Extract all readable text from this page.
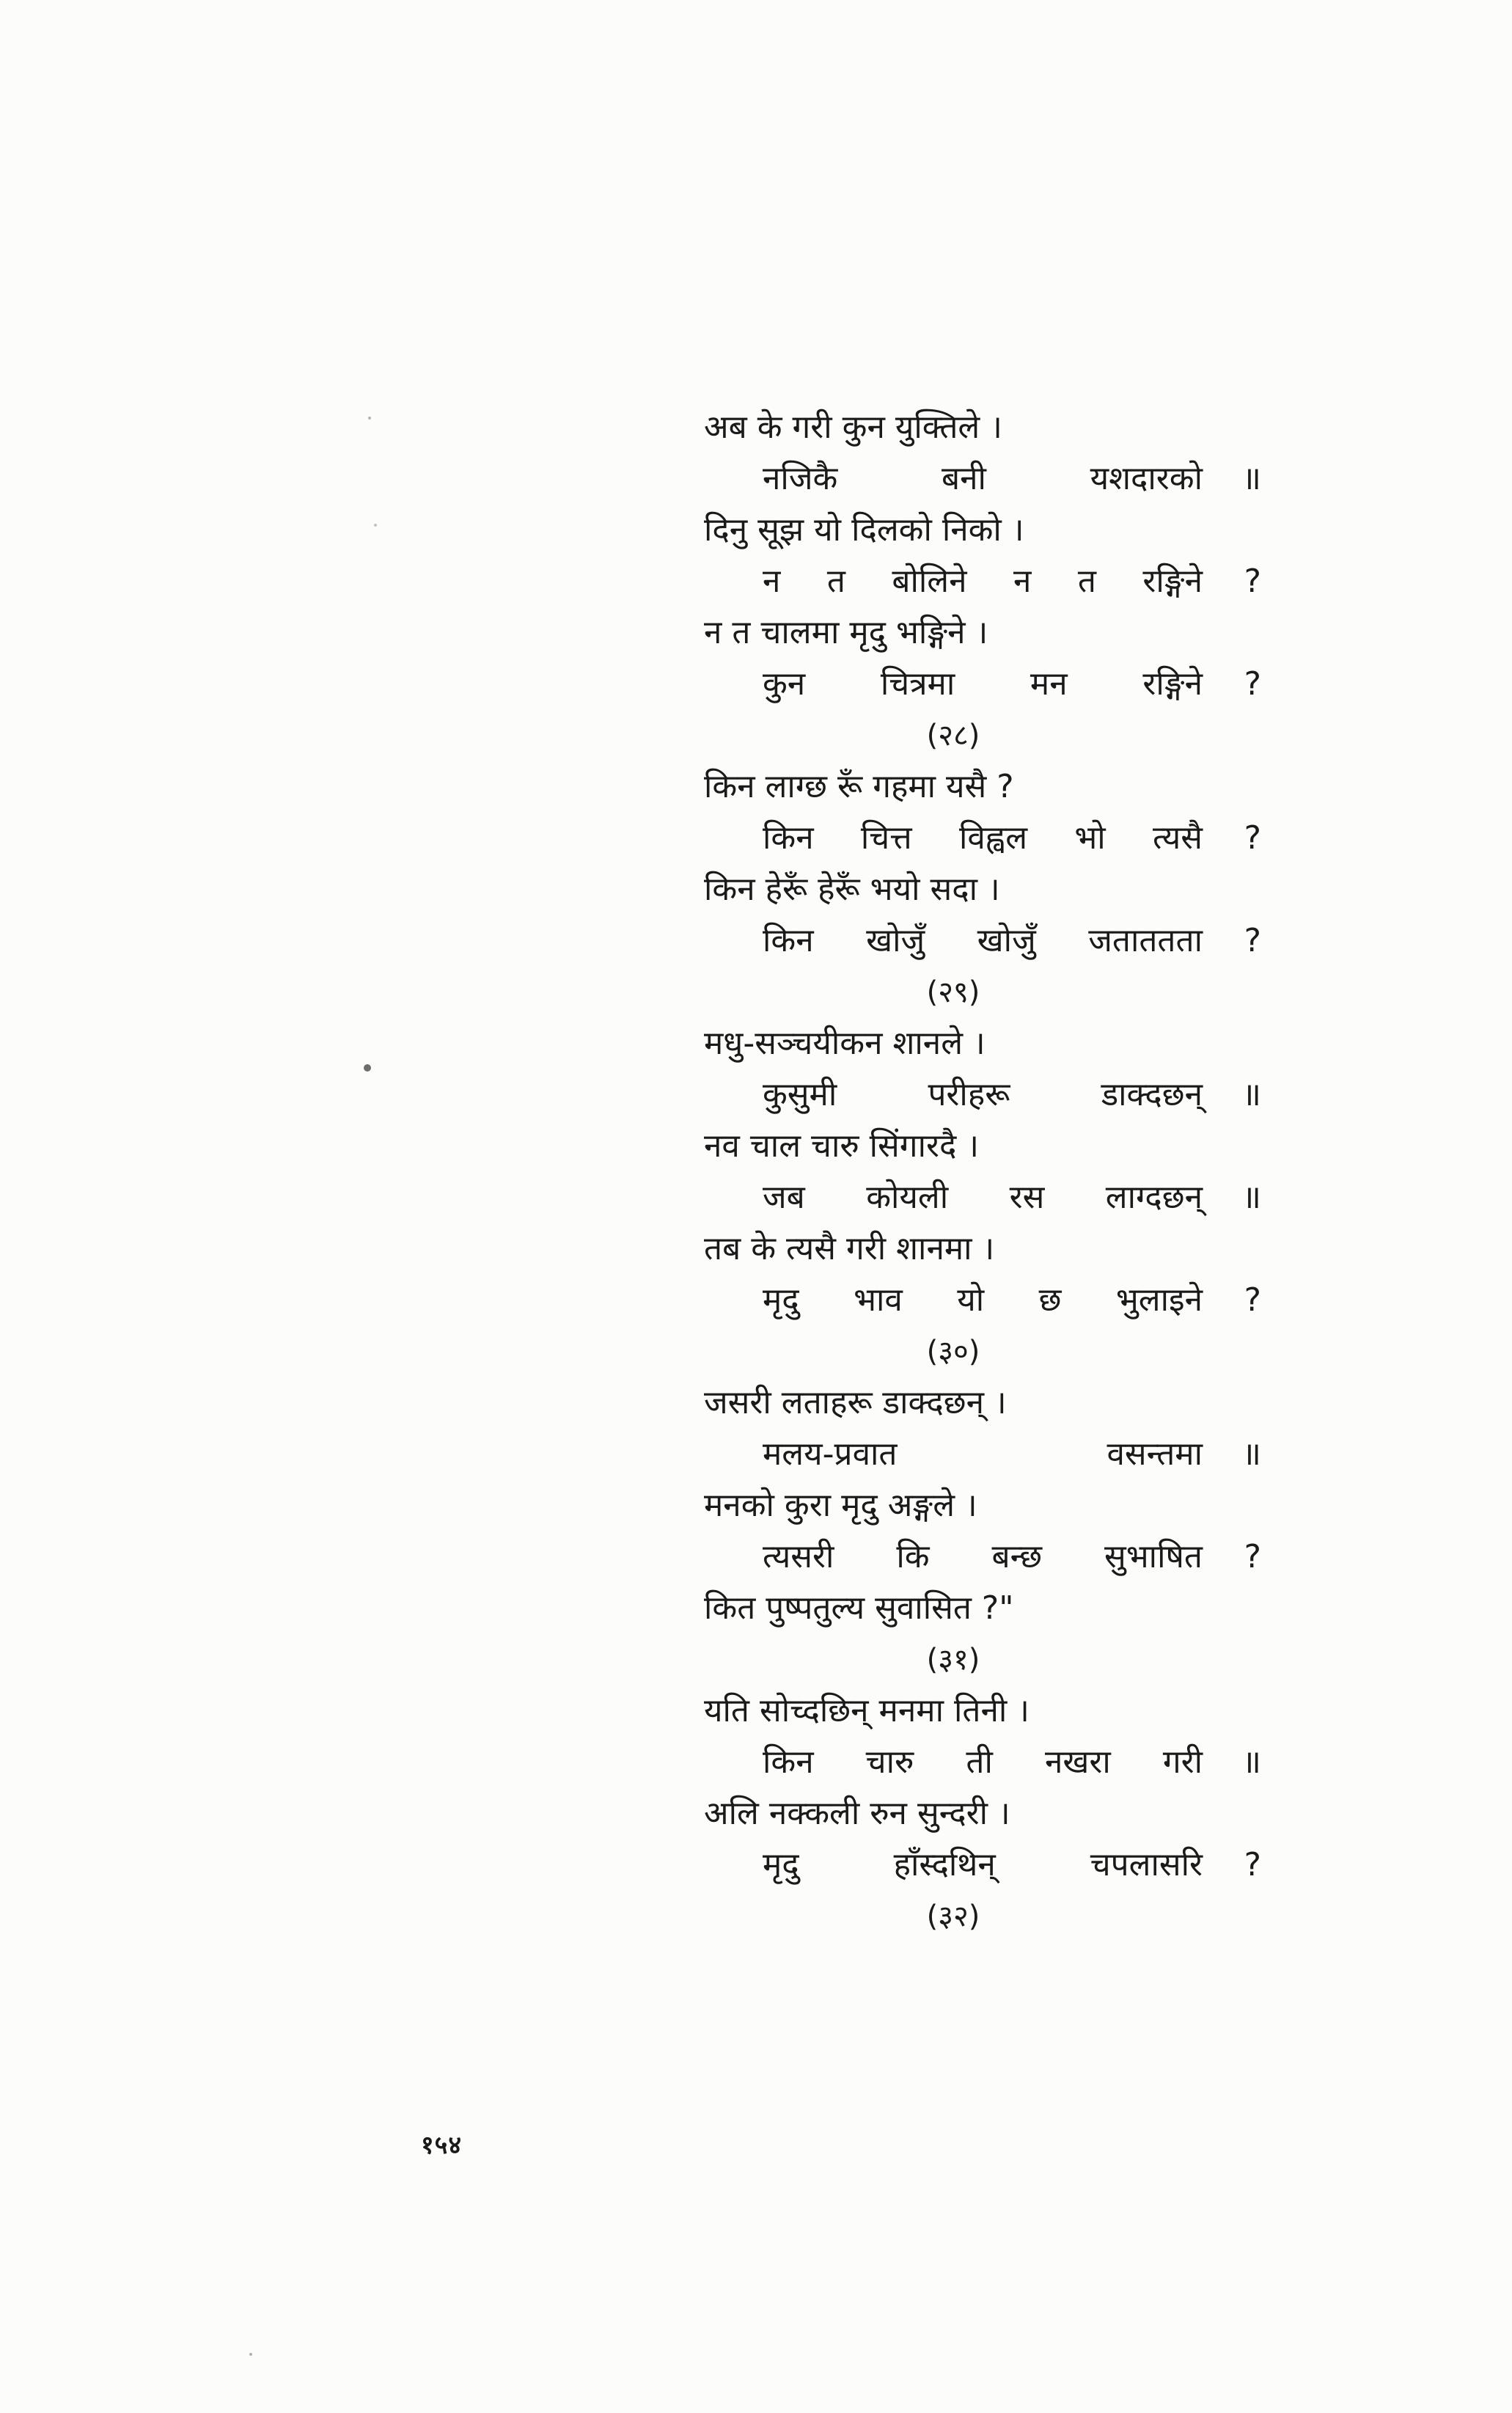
अब के गरी कुन युक्तिले ।
नजिकै बनी यशदारको ॥
दिनु सूझ यो दिलको निको ।
न त बोलिने न त रङ्गिने ?
न त चालमा मृदु भङ्गिने ।
कुन चित्रमा मन रङ्गिने ?
(२८)
किन लाग्छ रूँ गहमा यसै ?
किन चित्त विह्वल भो त्यसै ?
किन हेरूँ हेरूँ भयो सदा ।
किन खोजुँ खोजुँ जताततता ?
(२९)
मधु-सञ्चयीकन शानले ।
कुसुमी परीहरू डाक्दछन् ॥
नव चाल चारु सिंगारदै ।
जब कोयली रस लाग्दछन् ॥
तब के त्यसै गरी शानमा ।
मृदु भाव यो छ भुलाइने ?
(३०)
जसरी लताहरू डाक्दछन् ।
मलय-प्रवात वसन्तमा ॥
मनको कुरा मृदु अङ्गले ।
त्यसरी कि बन्छ सुभाषित ?
कित पुष्पतुल्य सुवासित ?"
(३१)
यति सोच्दछिन् मनमा तिनी ।
किन चारु ती नखरा गरी ॥
अलि नक्कली रुन सुन्दरी ।
मृदु हाँस्दथिन् चपलासरि ?
(३२)
१५४
